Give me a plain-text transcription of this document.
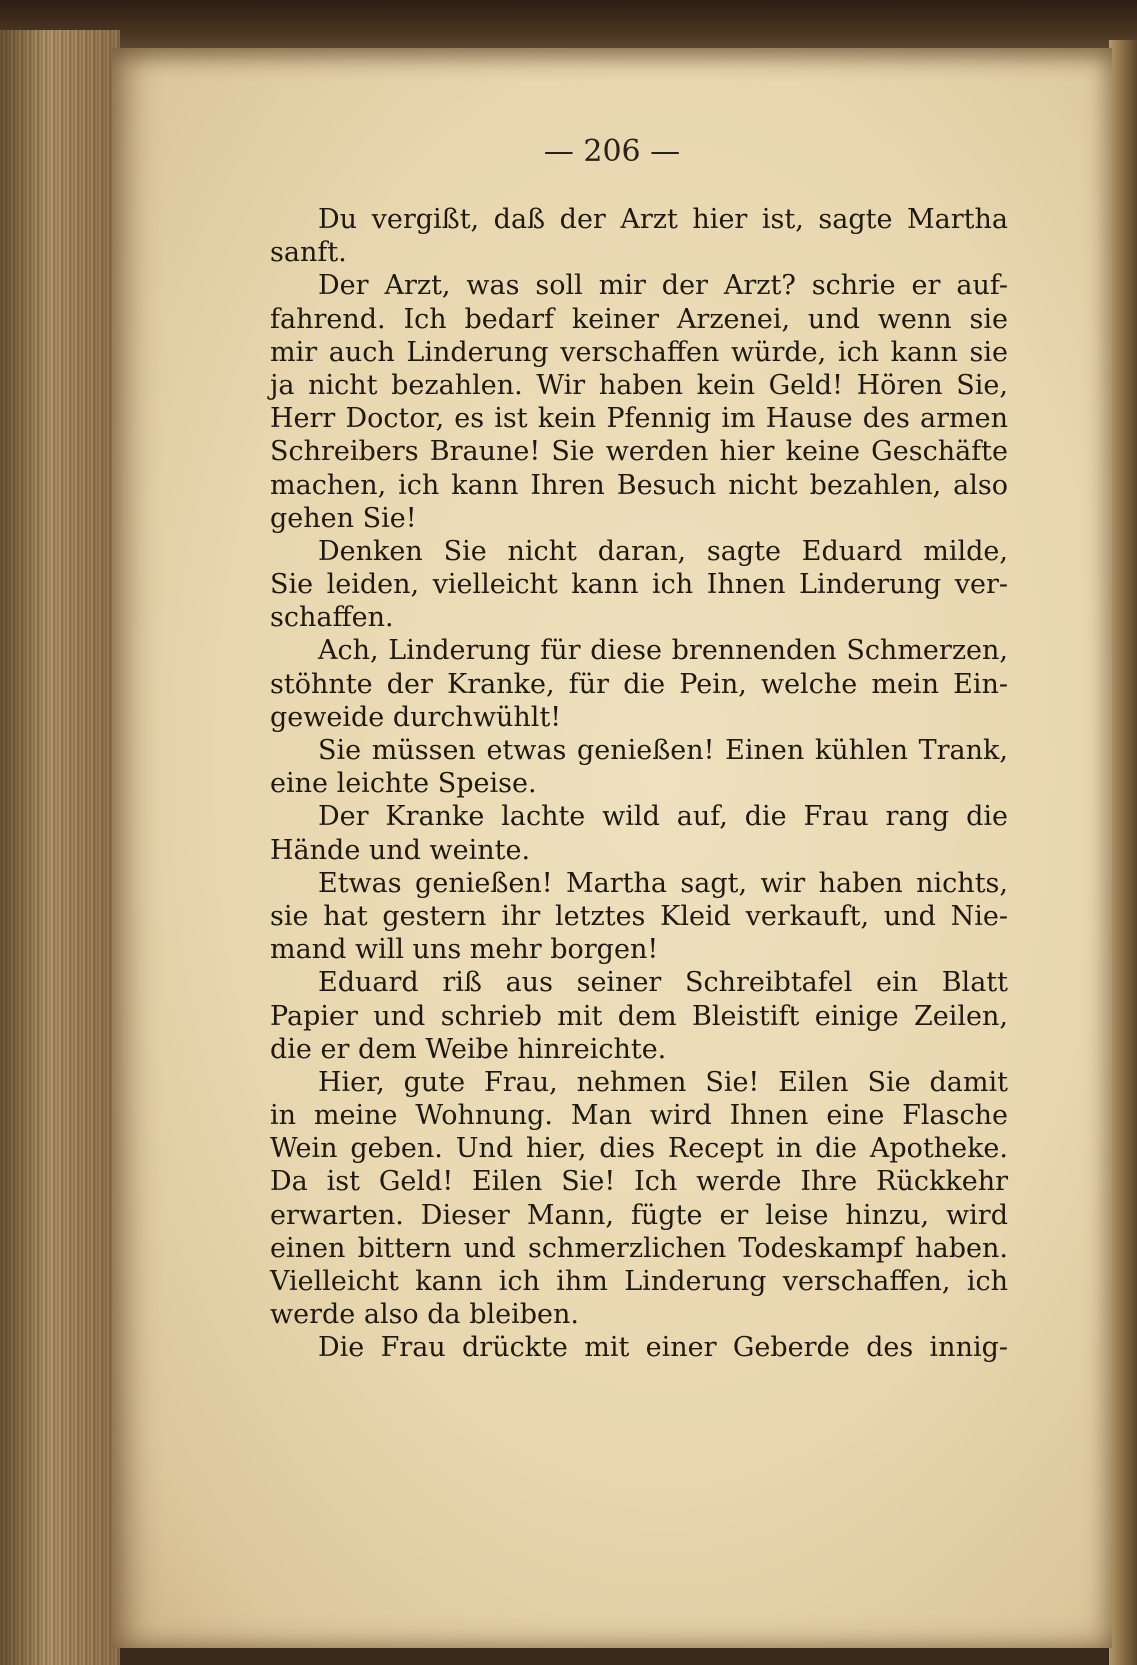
— 206 —
Du vergißt, daß der Arzt hier ist, sagte Martha
sanft.
Der Arzt, was soll mir der Arzt? schrie er auf-
fahrend. Ich bedarf keiner Arzenei, und wenn sie
mir auch Linderung verschaffen würde, ich kann sie
ja nicht bezahlen. Wir haben kein Geld! Hören Sie,
Herr Doctor, es ist kein Pfennig im Hause des armen
Schreibers Braune! Sie werden hier keine Geschäfte
machen, ich kann Ihren Besuch nicht bezahlen, also
gehen Sie!
Denken Sie nicht daran, sagte Eduard milde,
Sie leiden, vielleicht kann ich Ihnen Linderung ver-
schaffen.
Ach, Linderung für diese brennenden Schmerzen,
stöhnte der Kranke, für die Pein, welche mein Ein-
geweide durchwühlt!
Sie müssen etwas genießen! Einen kühlen Trank,
eine leichte Speise.
Der Kranke lachte wild auf, die Frau rang die
Hände und weinte.
Etwas genießen! Martha sagt, wir haben nichts,
sie hat gestern ihr letztes Kleid verkauft, und Nie-
mand will uns mehr borgen!
Eduard riß aus seiner Schreibtafel ein Blatt
Papier und schrieb mit dem Bleistift einige Zeilen,
die er dem Weibe hinreichte.
Hier, gute Frau, nehmen Sie! Eilen Sie damit
in meine Wohnung. Man wird Ihnen eine Flasche
Wein geben. Und hier, dies Recept in die Apotheke.
Da ist Geld! Eilen Sie! Ich werde Ihre Rückkehr
erwarten. Dieser Mann, fügte er leise hinzu, wird
einen bittern und schmerzlichen Todeskampf haben.
Vielleicht kann ich ihm Linderung verschaffen, ich
werde also da bleiben.
Die Frau drückte mit einer Geberde des innig-
